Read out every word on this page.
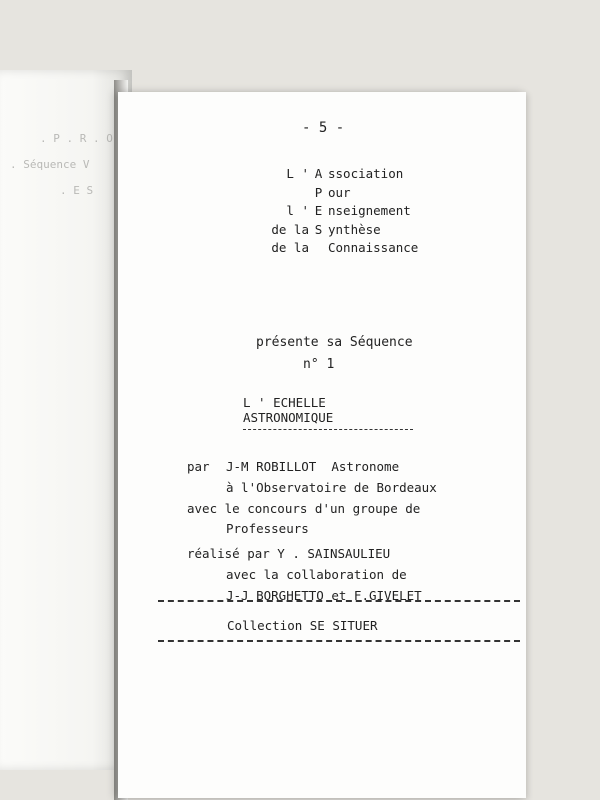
. P . R . O
. Séquence V
. E S
- 5 -
L ' A ssociation
P our
l ' E nseignement
de la S ynthèse
de la Connaissance
présente sa Séquence
n° 1
L ' ECHELLE ASTRONOMIQUE
par J-M ROBILLOT  Astronome
à l'Observatoire de Bordeaux
avec le concours d'un groupe de
Professeurs
réalisé par Y . SAINSAULIEU
avec la collaboration de
J-J BORGHETTO et F.GIVELET
Collection SE SITUER
